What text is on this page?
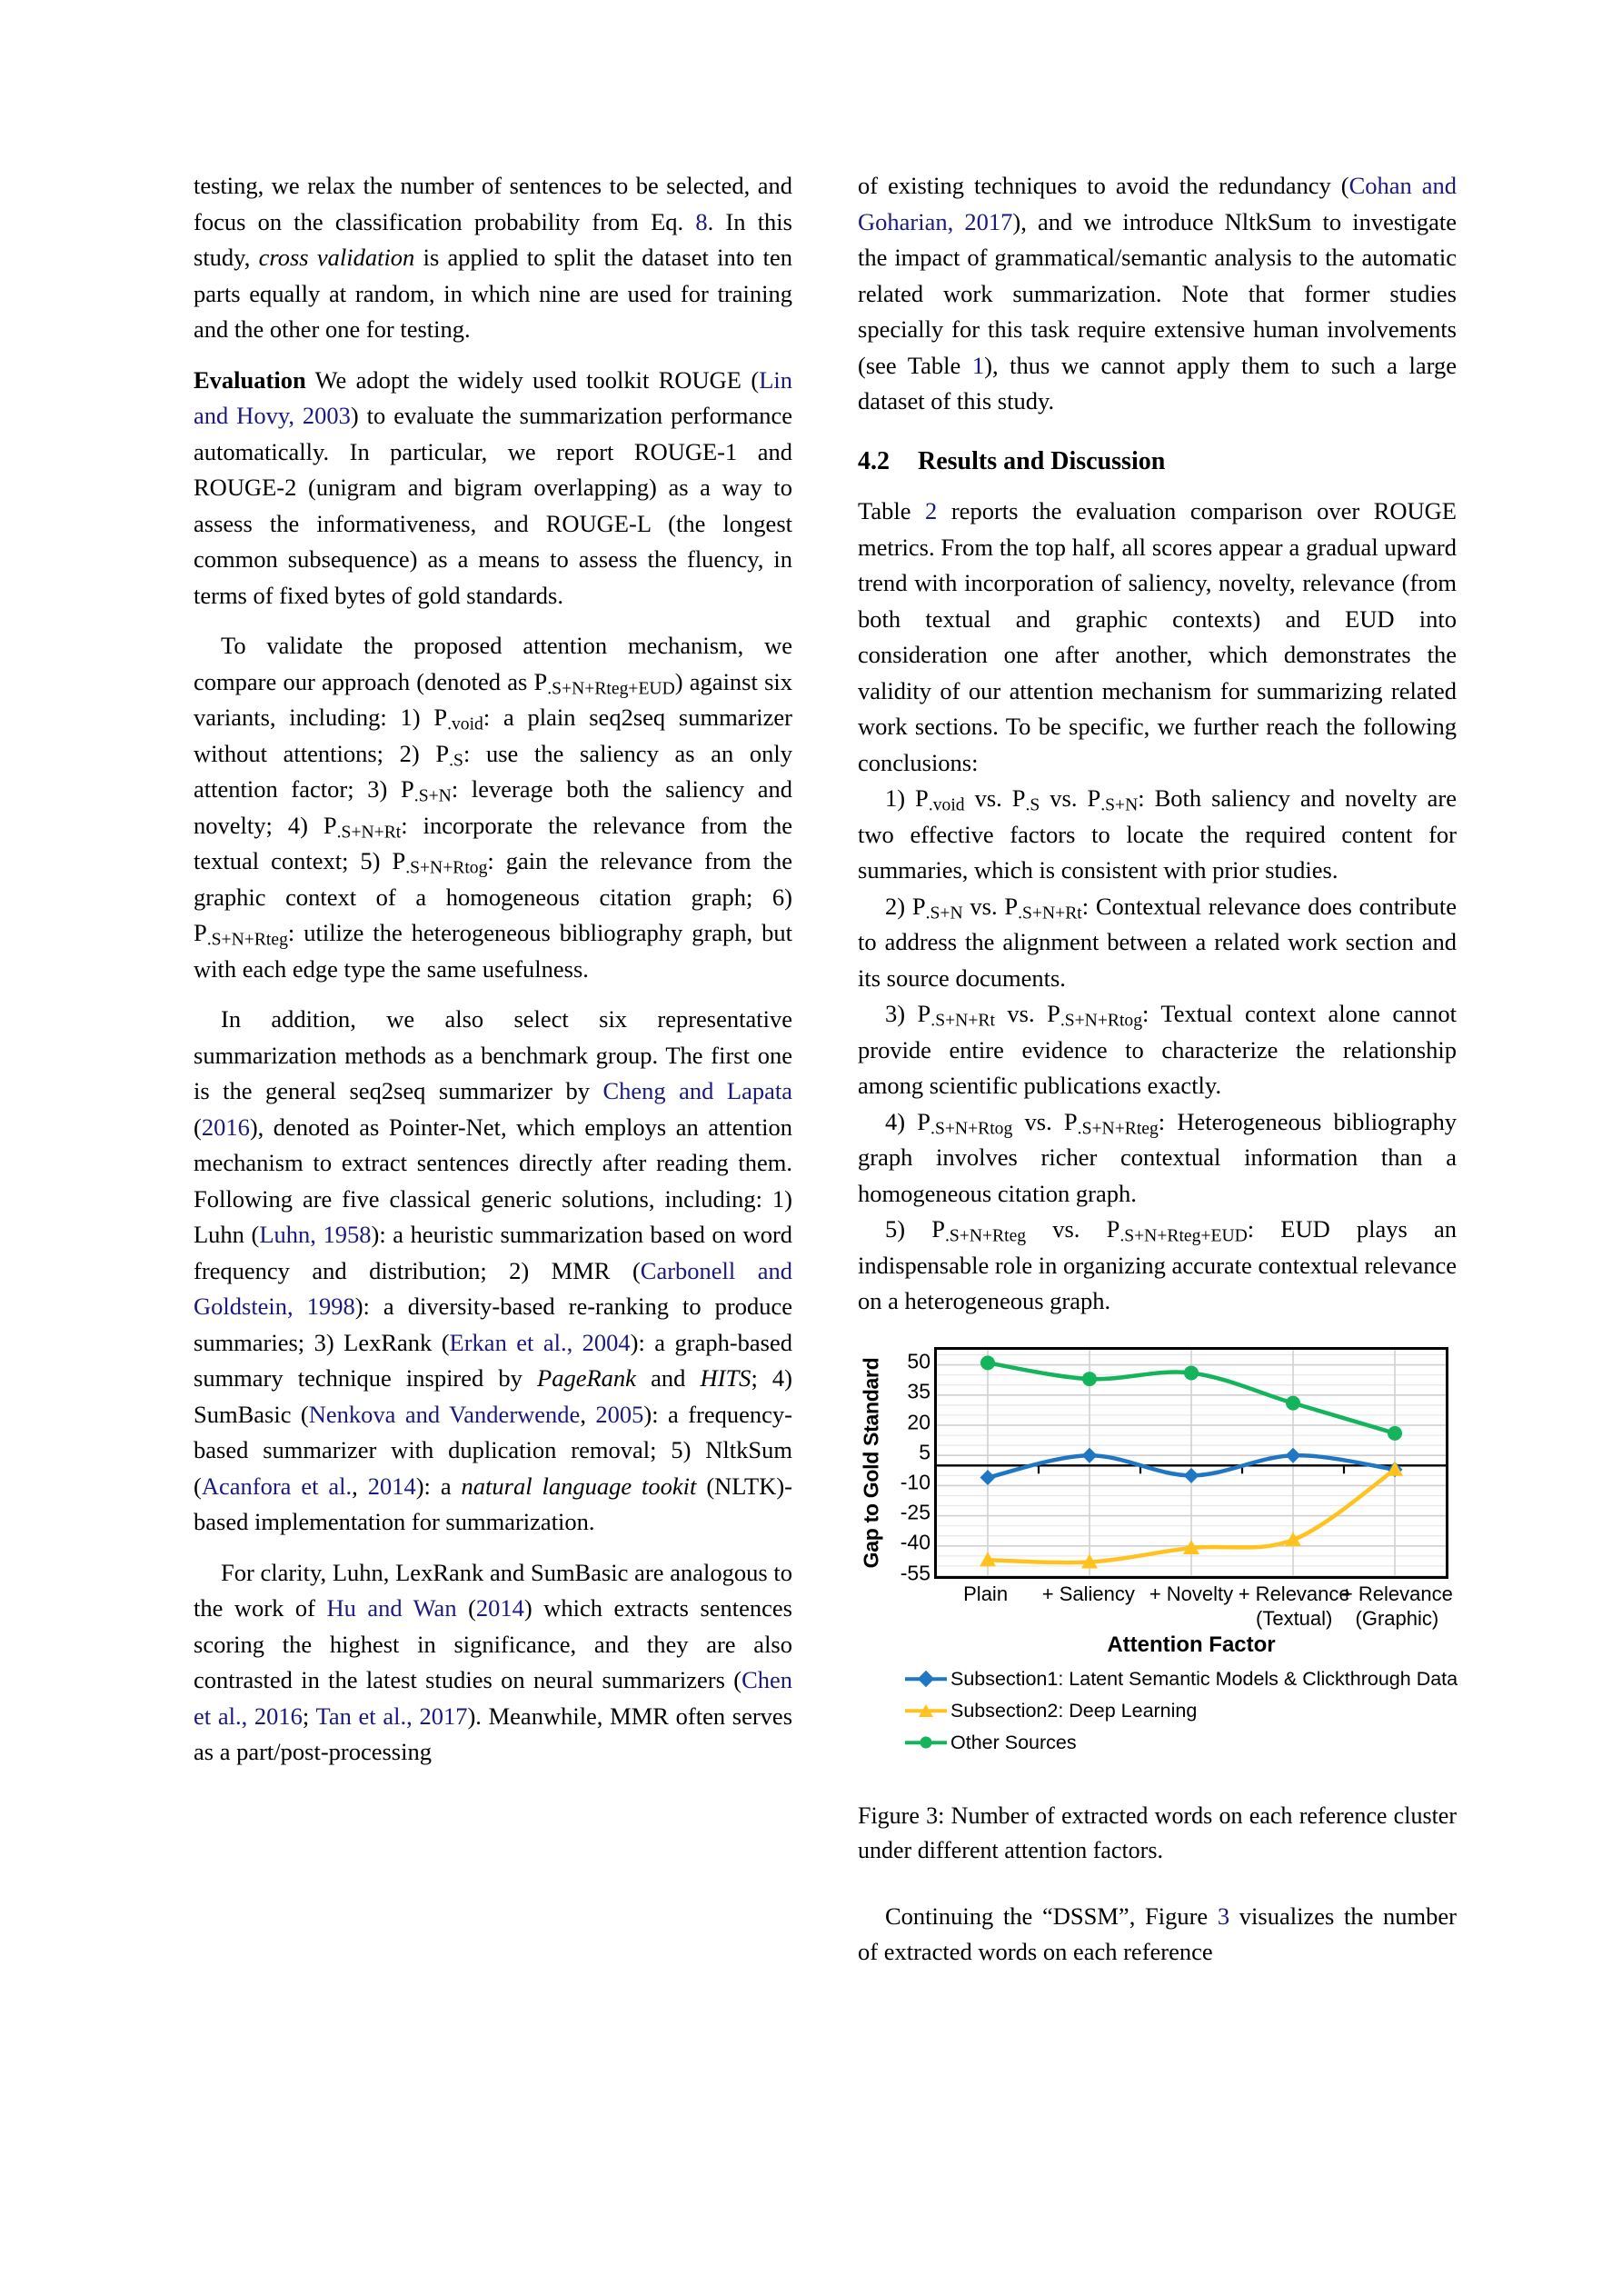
testing, we relax the number of sentences to be selected, and focus on the classification probability from Eq. 8. In this study, cross validation is applied to split the dataset into ten parts equally at random, in which nine are used for training and the other one for testing.

Evaluation We adopt the widely used toolkit ROUGE (Lin and Hovy, 2003) to evaluate the summarization performance automatically. In particular, we report ROUGE-1 and ROUGE-2 (unigram and bigram overlapping) as a way to assess the informativeness, and ROUGE-L (the longest common subsequence) as a means to assess the fluency, in terms of fixed bytes of gold standards.

To validate the proposed attention mechanism, we compare our approach (denoted as $P_{.S+N+Rteg+EUD}$) against six variants, including: 1) $P_{.void}$: a plain seq2seq summarizer without attentions; 2) $P_{.S}$: use the saliency as an only attention factor; 3) $P_{.S+N}$: leverage both the saliency and novelty; 4) $P_{.S+N+Rt}$: incorporate the relevance from the textual context; 5) $P_{.S+N+Rtog}$: gain the relevance from the graphic context of a homogeneous citation graph; 6) $P_{.S+N+Rteg}$: utilize the heterogeneous bibliography graph, but with each edge type the same usefulness.

In addition, we also select six representative summarization methods as a benchmark group. The first one is the general seq2seq summarizer by Cheng and Lapata (2016), denoted as Pointer-Net, which employs an attention mechanism to extract sentences directly after reading them. Following are five classical generic solutions, including: 1) Luhn (Luhn, 1958): a heuristic summarization based on word frequency and distribution; 2) MMR (Carbonell and Goldstein, 1998): a diversity-based re-ranking to produce summaries; 3) LexRank (Erkan et al., 2004): a graph-based summary technique inspired by PageRank and HITS; 4) SumBasic (Nenkova and Vanderwende, 2005): a frequency-based summarizer with duplication removal; 5) NltkSum (Acanfora et al., 2014): a natural language tookit (NLTK)-based implementation for summarization.

For clarity, Luhn, LexRank and SumBasic are analogous to the work of Hu and Wan (2014) which extracts sentences scoring the highest in significance, and they are also contrasted in the latest studies on neural summarizers (Chen et al., 2016; Tan et al., 2017). Meanwhile, MMR often serves as a part/post-processing

of existing techniques to avoid the redundancy (Cohan and Goharian, 2017), and we introduce NltkSum to investigate the impact of grammatical/semantic analysis to the automatic related work summarization. Note that former studies specially for this task require extensive human involvements (see Table 1), thus we cannot apply them to such a large dataset of this study.

4.2 Results and Discussion

Table 2 reports the evaluation comparison over ROUGE metrics. From the top half, all scores appear a gradual upward trend with incorporation of saliency, novelty, relevance (from both textual and graphic contexts) and EUD into consideration one after another, which demonstrates the validity of our attention mechanism for summarizing related work sections. To be specific, we further reach the following conclusions:

1) $P_{.void}$ vs. $P_{.S}$ vs. $P_{.S+N}$: Both saliency and novelty are two effective factors to locate the required content for summaries, which is consistent with prior studies.

2) $P_{.S+N}$ vs. $P_{.S+N+Rt}$: Contextual relevance does contribute to address the alignment between a related work section and its source documents.

3) $P_{.S+N+Rt}$ vs. $P_{.S+N+Rtog}$: Textual context alone cannot provide entire evidence to characterize the relationship among scientific publications exactly.

4) $P_{.S+N+Rtog}$ vs. $P_{.S+N+Rteg}$: Heterogeneous bibliography graph involves richer contextual information than a homogeneous citation graph.

5) $P_{.S+N+Rteg}$ vs. $P_{.S+N+Rteg+EUD}$: EUD plays an indispensable role in organizing accurate contextual relevance on a heterogeneous graph.

Gap to Gold Standard 50
35
20
5
-10
-25
-40
-55
Plain + Saliency + Novelty + Relevance
(Textual)
+ Relevance
(Graphic)
Attention Factor
Subsection1: Latent Semantic Models & Clickthrough Data
Subsection2: Deep Learning
Other Sources
Figure 3: Number of extracted words on each reference cluster under different attention factors.

Continuing the “DSSM”, Figure 3 visualizes the number of extracted words on each reference
